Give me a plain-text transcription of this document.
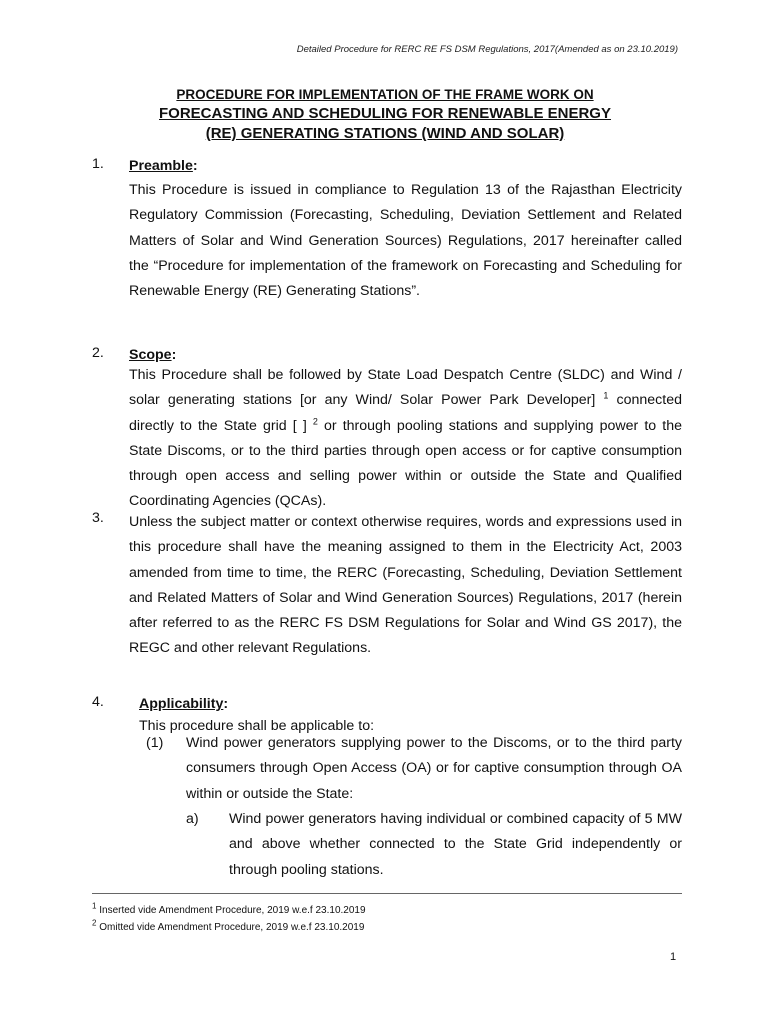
Detailed Procedure for RERC RE FS DSM Regulations, 2017(Amended as on 23.10.2019)
PROCEDURE FOR IMPLEMENTATION OF THE FRAME WORK ON
FORECASTING AND SCHEDULING FOR RENEWABLE ENERGY
(RE) GENERATING STATIONS (WIND AND SOLAR)
1. Preamble:
This Procedure is issued in compliance to Regulation 13 of the Rajasthan Electricity Regulatory Commission (Forecasting, Scheduling, Deviation Settlement and Related Matters of Solar and Wind Generation Sources) Regulations, 2017 hereinafter called the “Procedure for implementation of the framework on Forecasting and Scheduling for Renewable Energy (RE) Generating Stations”.
2. Scope:
This Procedure shall be followed by State Load Despatch Centre (SLDC) and Wind / solar generating stations [or any Wind/ Solar Power Park Developer] $^1$ connected directly to the State grid [ ] $^2$ or through pooling stations and supplying power to the State Discoms, or to the third parties through open access or for captive consumption through open access and selling power within or outside the State and Qualified Coordinating Agencies (QCAs).
3. Unless the subject matter or context otherwise requires, words and expressions used in this procedure shall have the meaning assigned to them in the Electricity Act, 2003 amended from time to time, the RERC (Forecasting, Scheduling, Deviation Settlement and Related Matters of Solar and Wind Generation Sources) Regulations, 2017 (herein after referred to as the RERC FS DSM Regulations for Solar and Wind GS 2017), the REGC and other relevant Regulations.
4. Applicability:
This procedure shall be applicable to:
(1) Wind power generators supplying power to the Discoms, or to the third party consumers through Open Access (OA) or for captive consumption through OA within or outside the State:
a) Wind power generators having individual or combined capacity of 5 MW and above whether connected to the State Grid independently or through pooling stations.
$^1$ Inserted vide Amendment Procedure, 2019 w.e.f 23.10.2019
$^2$ Omitted vide Amendment Procedure, 2019 w.e.f 23.10.2019
1
